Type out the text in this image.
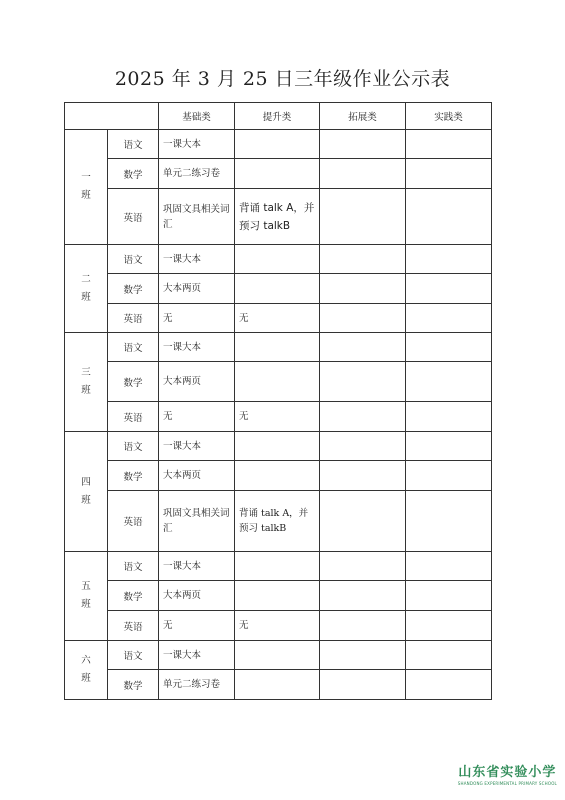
2025 年 3 月 25 日三年级作业公示表
		基础类	提升类	拓展类	实践类

一
班	语文	一课大本			
	数学	单元二练习卷			
	英语	巩固文具相关词汇	背诵 talk A，并预习 talkB		

二
班	语文	一课大本			
	数学	大本两页			
	英语	无	无		

三
班	语文	一课大本			
	数学	大本两页			
	英语	无	无		

四
班	语文	一课大本			
	数学	大本两页			
	英语	巩固文具相关词汇	背诵 talk A，并预习 talkB		

五
班	语文	一课大本			
	数学	大本两页			
	英语	无	无		

六
班	语文	一课大本			
	数学	单元二练习卷			
山东省实验小学
SHANDONG EXPERIMENTAL PRIMARY SCHOOL
